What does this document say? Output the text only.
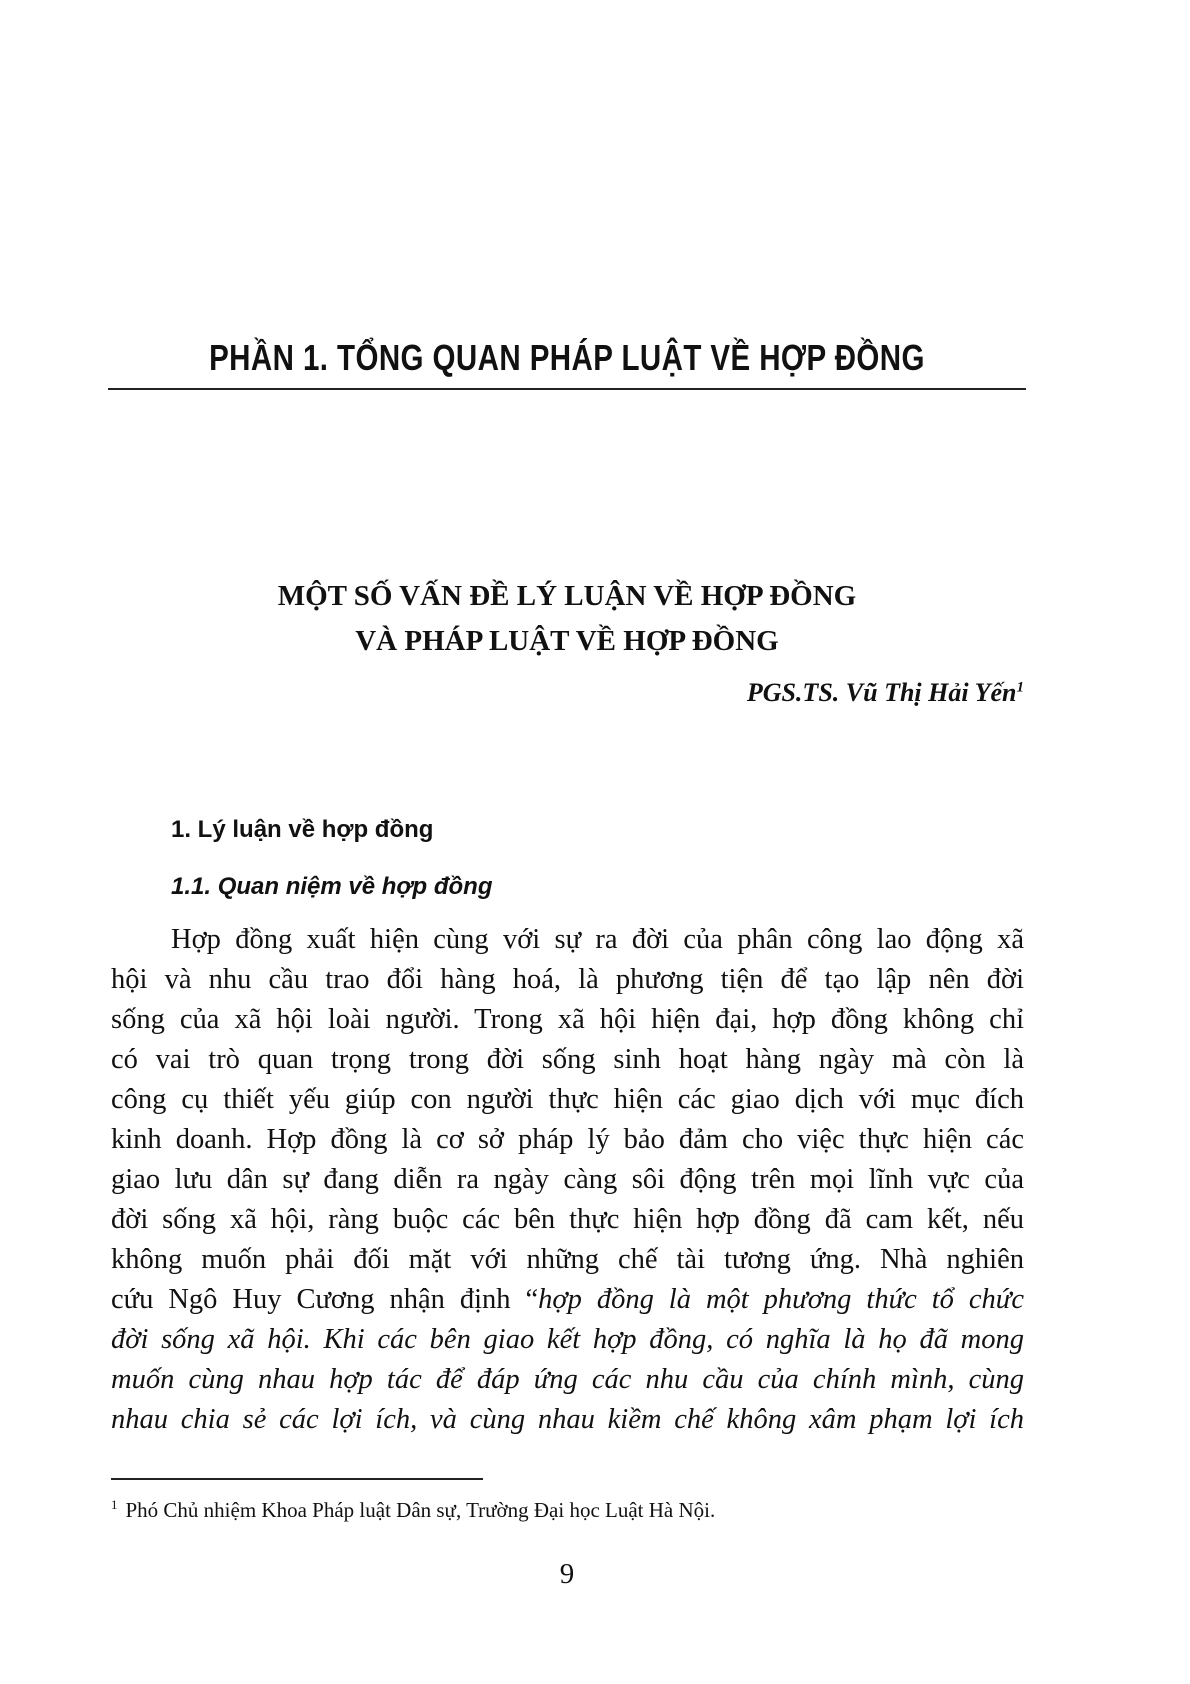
PHẦN 1. TỔNG QUAN PHÁP LUẬT VỀ HỢP ĐỒNG
MỘT SỐ VẤN ĐỀ LÝ LUẬN VỀ HỢP ĐỒNG
VÀ PHÁP LUẬT VỀ HỢP ĐỒNG
PGS.TS. Vũ Thị Hải Yến$^1$
1. Lý luận về hợp đồng
1.1. Quan niệm về hợp đồng
Hợp đồng xuất hiện cùng với sự ra đời của phân công lao động xã
hội và nhu cầu trao đổi hàng hoá, là phương tiện để tạo lập nên đời
sống của xã hội loài người. Trong xã hội hiện đại, hợp đồng không chỉ
có vai trò quan trọng trong đời sống sinh hoạt hàng ngày mà còn là
công cụ thiết yếu giúp con người thực hiện các giao dịch với mục đích
kinh doanh. Hợp đồng là cơ sở pháp lý bảo đảm cho việc thực hiện các
giao lưu dân sự đang diễn ra ngày càng sôi động trên mọi lĩnh vực của
đời sống xã hội, ràng buộc các bên thực hiện hợp đồng đã cam kết, nếu
không muốn phải đối mặt với những chế tài tương ứng. Nhà nghiên
cứu Ngô Huy Cương nhận định “hợp đồng là một phương thức tổ chức
đời sống xã hội. Khi các bên giao kết hợp đồng, có nghĩa là họ đã mong
muốn cùng nhau hợp tác để đáp ứng các nhu cầu của chính mình, cùng
nhau chia sẻ các lợi ích, và cùng nhau kiềm chế không xâm phạm lợi ích
$^1$ Phó Chủ nhiệm Khoa Pháp luật Dân sự, Trường Đại học Luật Hà Nội.
9
